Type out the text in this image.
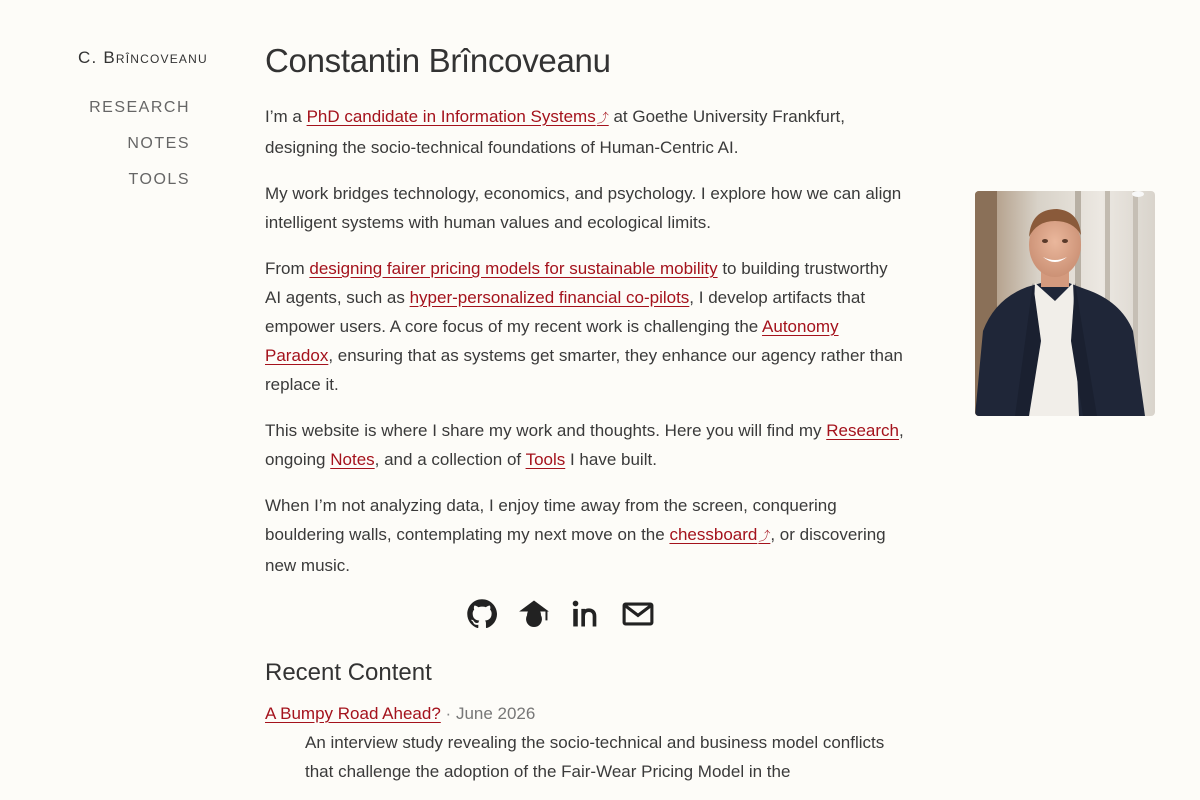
C. Brîncoveanu
RESEARCH
NOTES
TOOLS
Constantin Brîncoveanu

I’m a PhD candidate in Information Systems⤴ at Goethe University Frankfurt, designing the socio-technical foundations of Human-Centric AI.

My work bridges technology, economics, and psychology. I explore how we can align intelligent systems with human values and ecological limits.

From designing fairer pricing models for sustainable mobility to building trustworthy AI agents, such as hyper-personalized financial co-pilots, I develop artifacts that empower users. A core focus of my recent work is challenging the Autonomy Paradox, ensuring that as systems get smarter, they enhance our agency rather than replace it.

This website is where I share my work and thoughts. Here you will find my Research, ongoing Notes, and a collection of Tools I have built.

When I’m not analyzing data, I enjoy time away from the screen, conquering bouldering walls, contemplating my next move on the chessboard⤴, or discovering new music.

Recent Content
A Bumpy Road Ahead? · June 2026
An interview study revealing the socio-technical and business model conflicts that challenge the adoption of the Fair-Wear Pricing Model in the
